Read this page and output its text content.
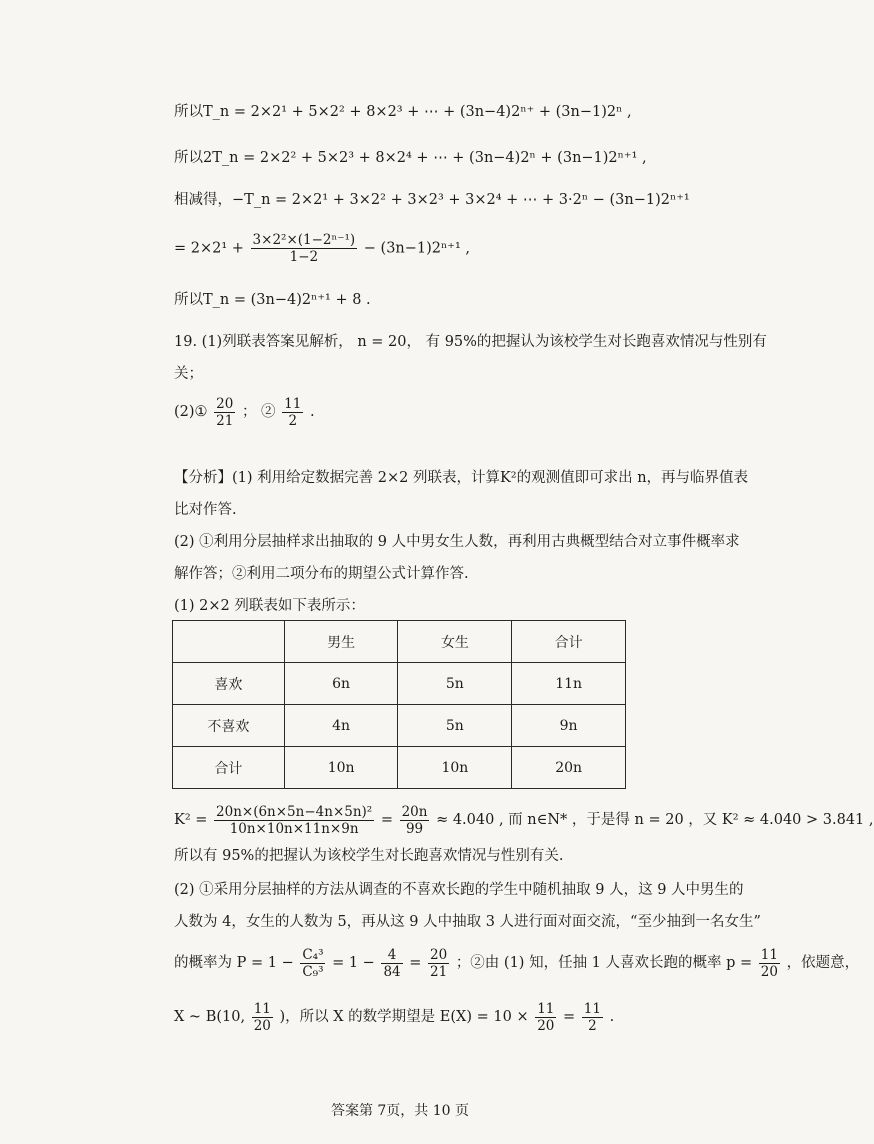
所以T_n = 2×2¹ + 5×2² + 8×2³ + ⋯ + (3n−4)2ⁿ⁺ + (3n−1)2ⁿ ,
所以2T_n = 2×2² + 5×2³ + 8×2⁴ + ⋯ + (3n−4)2ⁿ + (3n−1)2ⁿ⁺¹ ,
相减得，−T_n = 2×2¹ + 3×2² + 3×2³ + 3×2⁴ + ⋯ + 3·2ⁿ − (3n−1)2ⁿ⁺¹
= $2\times 2^1 + \frac{\text{3×2²×(1−2ⁿ⁻¹)}}{1-2} - (3n-1)2^{n+1}$ ,
所以T_n = (3n−4)2ⁿ⁺¹ + 8 .
19. (1)列联表答案见解析， n = 20， 有 95%的把握认为该校学生对长跑喜欢情况与性别有
关；
(2)① $\frac{20}{21}$ ； ② $\frac{11}{2}$ .
【分析】(1) 利用给定数据完善 2×2 列联表，计算K²的观测值即可求出 n，再与临界值表
比对作答.
(2) ①利用分层抽样求出抽取的 9 人中男女生人数，再利用古典概型结合对立事件概率求
解作答；②利用二项分布的期望公式计算作答.
(1) 2×2 列联表如下表所示：
	男生	女生	合计
喜欢	6n	5n	11n
不喜欢	4n	5n	9n
合计	10n	10n	20n
$K^2 = \frac{\text{20n×(6n×5n−4n×5n)²}}{10n\times 10n\times 11n\times 9n} = \frac{20n}{99} \approx 4.040$ , 而 n∈N* ，于是得 n = 20 ，又 K² ≈ 4.040 > 3.841 ,
所以有 95%的把握认为该校学生对长跑喜欢情况与性别有关.
(2) ①采用分层抽样的方法从调查的不喜欢长跑的学生中随机抽取 9 人，这 9 人中男生的
人数为 4，女生的人数为 5，再从这 9 人中抽取 3 人进行面对面交流，“至少抽到一名女生”
的概率为 $P = 1 - \frac{\text{C₄³}}{\text{C₉³}} = 1 - \frac{4}{84} = \frac{20}{21}$ ；②由 (1) 知，任抽 1 人喜欢长跑的概率 $p = \frac{11}{20}$ ，依题意，
X ~ B(10, $\frac{11}{20}$ )，所以 X 的数学期望是 $E(X) = 10 \times \frac{11}{20} = \frac{11}{2}$ .
答案第 7页，共 10 页
